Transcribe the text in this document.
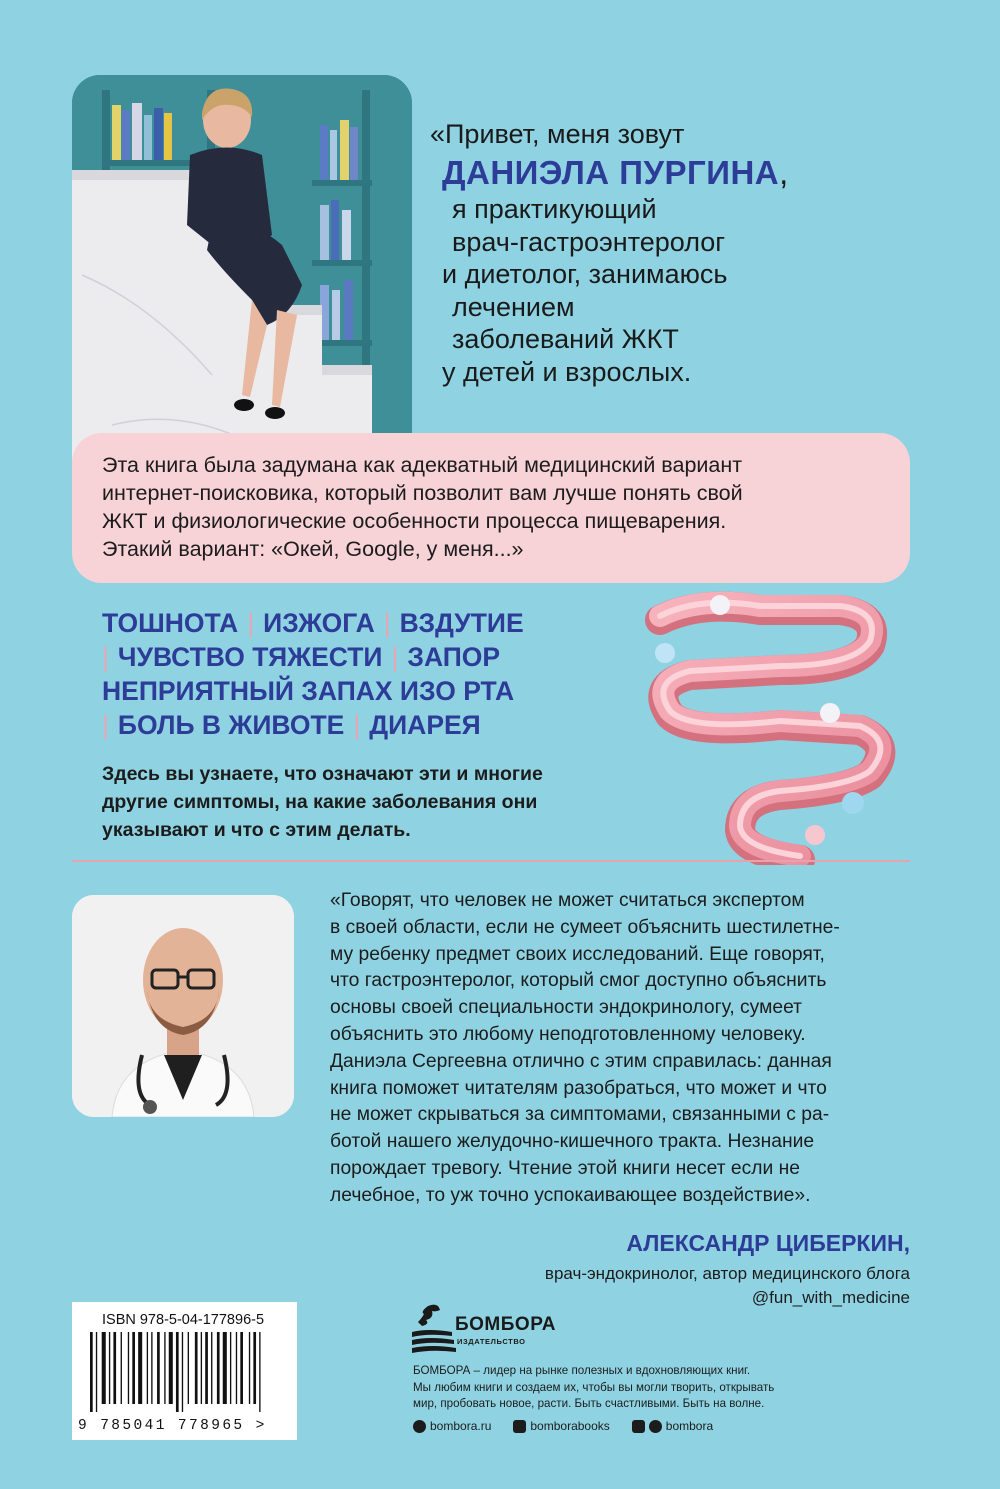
«Привет, меня зовут
ДАНИЭЛА ПУРГИНА,
я практикующий
врач-гастроэнтеролог
и диетолог, занимаюсь
лечением
заболеваний ЖКТ
у детей и взрослых.
Эта книга была задумана как адекватный медицинский вариант
интернет-поисковика, который позволит вам лучше понять свой
ЖКТ и физиологические особенности процесса пищеварения.
Этакий вариант: «Окей, Google, у меня...»
ТОШНОТА | ИЗЖОГА | ВЗДУТИЕ
| ЧУВСТВО ТЯЖЕСТИ | ЗАПОР
НЕПРИЯТНЫЙ ЗАПАХ ИЗО РТА
| БОЛЬ В ЖИВОТЕ | ДИАРЕЯ
Здесь вы узнаете, что означают эти и многие
другие симптомы, на какие заболевания они
указывают и что с этим делать.
«Говорят, что человек не может считаться экспертом
в своей области, если не сумеет объяснить шестилетне-
му ребенку предмет своих исследований. Еще говорят,
что гастроэнтеролог, который смог доступно объяснить
основы своей специальности эндокринологу, сумеет
объяснить это любому неподготовленному человеку.
Даниэла Сергеевна отлично с этим справилась: данная
книга поможет читателям разобраться, что может и что
не может скрываться за симптомами, связанными с ра-
ботой нашего желудочно-кишечного тракта. Незнание
порождает тревогу. Чтение этой книги несет если не
лечебное, то уж точно успокаивающее воздействие».
АЛЕКСАНДР ЦИБЕРКИН,
врач-эндокринолог, автор медицинского блога
@fun_with_medicine
ISBN 978-5-04-177896-5
9 785041 778965 >
БОМБОРА
ИЗДАТЕЛЬСТВО
БОМБОРА – лидер на рынке полезных и вдохновляющих книг.
Мы любим книги и создаем их, чтобы вы могли творить, открывать
мир, пробовать новое, расти. Быть счастливыми. Быть на волне.
bombora.ru	bomborabooks	bombora
